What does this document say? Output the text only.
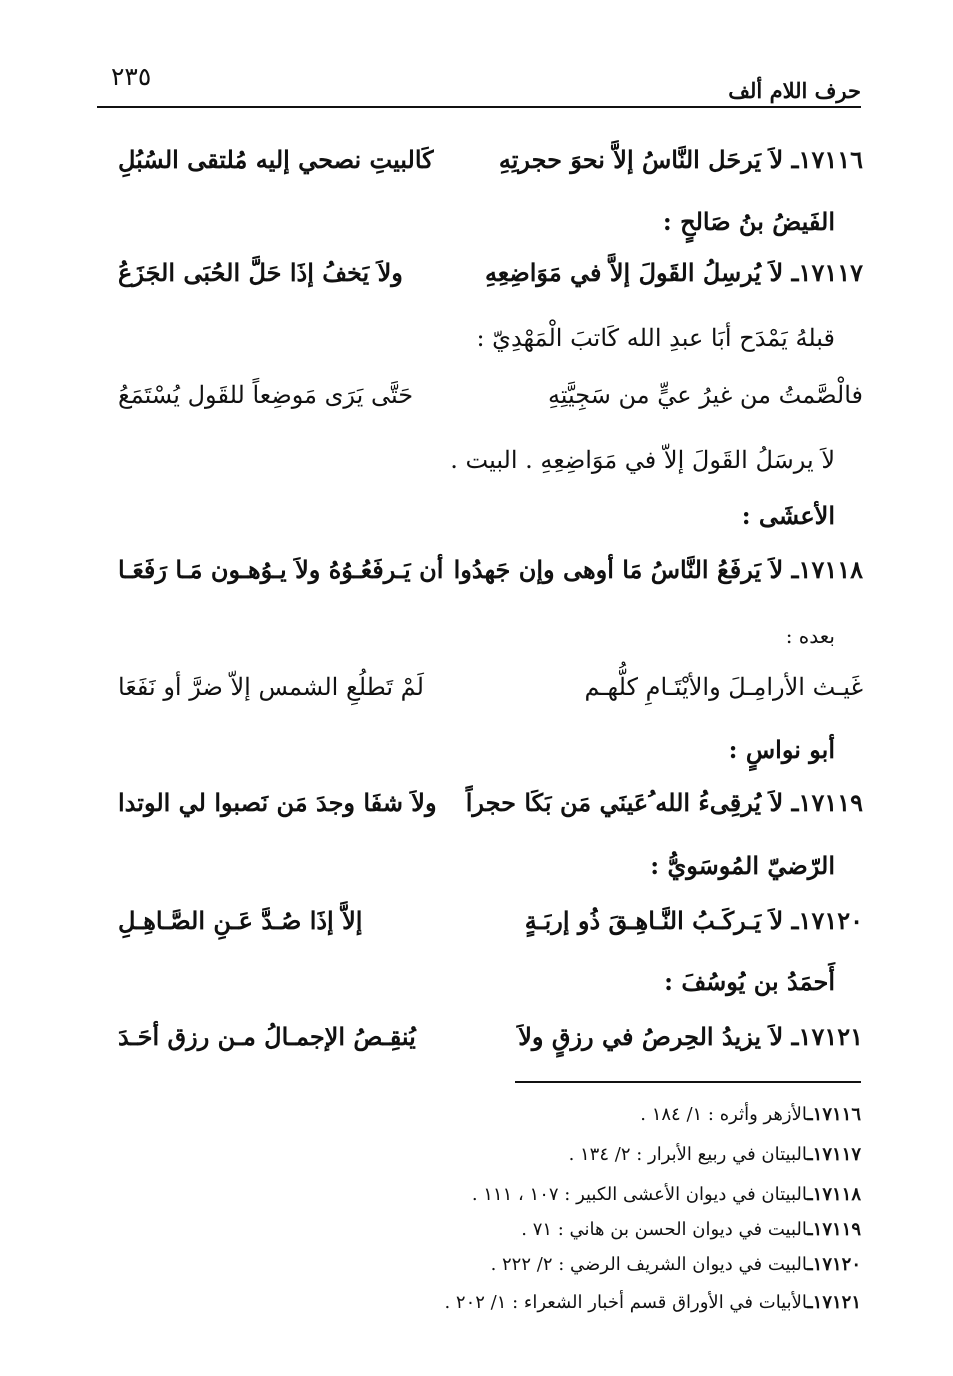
حرف اللام ألف
٢٣٥
١٧١١٦ـ لاَ يَرحَل النَّاسُ إلاَّ نحوَ حجرتِهِ
كَالبيتِ نصحي إليه مُلتقى السُبُلِ
الفَيضُ بنُ صَالحٍ :
١٧١١٧ـ لاَ يُرسِلُ القَولَ إلاَّ في مَوَاضِعِهِ
ولاَ يَخفُ إذَا حَلَّ الحُبَى الجَزَعُ
قبلهُ يَمْدَح أبَا عبدِ الله كَاتبَ الْمَهْدِيّ :
فالْصَّمتُ من غيرُ عيٍّ من سَجِيَّتِهِ
حَتَّى يَرَى مَوضِعاً للقَول يُسْتَمَعُ
لاَ يرسَلُ القَولَ إلاّ في مَوَاضِعِهِ . البيت .
الأعشَى :
١٧١١٨ـ لاَ يَرفَعُ النَّاسُ مَا أوهى وإن جَهدُوا
أن يَـرفَعُـوُهُ ولاَ يـوُهـون مَـا رَفَعَـا
بعده :
غَيـث الأرامِـلَ والأيْتَـامِ كلُّهـم
لَمْ تَطلُعِ الشمس إلاّ ضرَّ أو نَفَعَا
أبو نواسٍ :
١٧١١٩ـ لاَ يُرقِىءُ الله ُعَينَي مَن بَكَا حجراً
ولاَ شفَا وجدَ مَن نَصبوا لي الوتدا
الرّضيّ المُوسَويُّ :
١٧١٢٠ـ لاَ يَـركَـبُ النَّـاهِـقَ ذُو إربَـةٍ
إلاَّ إذَا صُـدَّ عَـنِ الصَّـاهِـلِ
أَحمَدُ بن يُوسُفَ :
١٧١٢١ـ لاَ يزيدُ الحِرصُ في رزقٍ ولاَ
يُنقِـصُ الإجمـالُ مـن رزق أحَـدَ
١٧١١٦ـالأزهر وأثره : ١/ ١٨٤ .
١٧١١٧ـالبيتان في ربيع الأبرار : ٢/ ١٣٤ .
١٧١١٨ـالبيتان في ديوان الأعشى الكبير : ١٠٧ ، ١١١ .
١٧١١٩ـالبيت في ديوان الحسن بن هاني : ٧١ .
١٧١٢٠ـالبيت في ديوان الشريف الرضي : ٢/ ٢٢٢ .
١٧١٢١ـالأبيات في الأوراق قسم أخبار الشعراء : ١/ ٢٠٢ .
